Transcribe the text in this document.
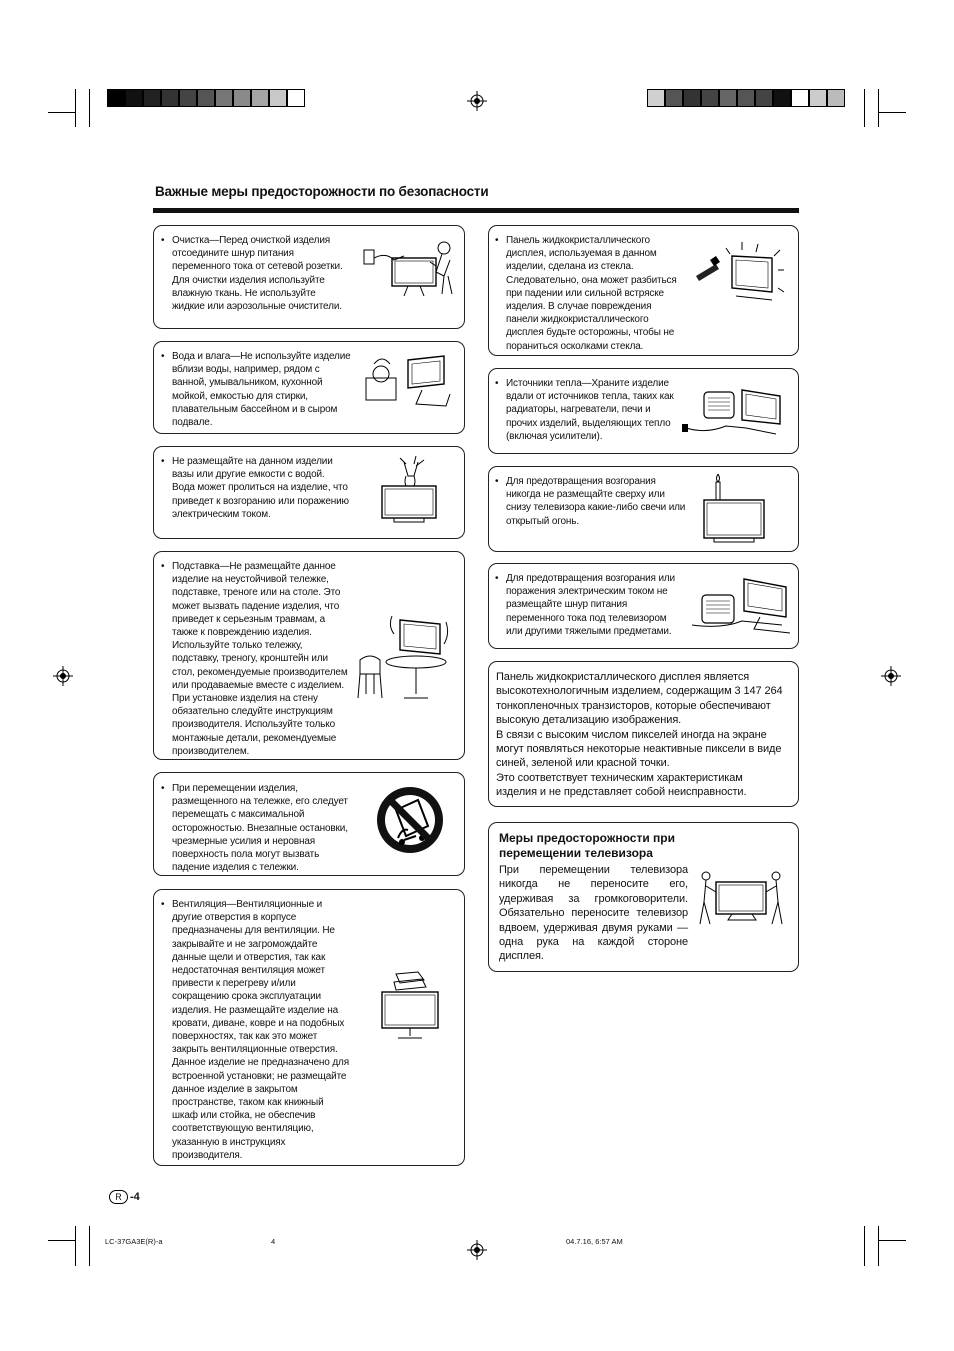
Важные меры предосторожности по безопасности
• Очистка—Перед очисткой изделия
отсоедините шнур питания
переменного тока от сетевой розетки.
Для очистки изделия используйте
влажную ткань. Не используйте
жидкие или аэрозольные очистители.
• Вода и влага—Не используйте изделие
вблизи воды, например, рядом с
ванной, умывальником, кухонной
мойкой, емкостью для стирки,
плавательным бассейном и в сыром
подвале.
• Не размещайте на данном изделии
вазы или другие емкости с водой.
Вода может пролиться на изделие, что
приведет к возгоранию или поражению
электрическим током.
• Подставка—Не размещайте данное
изделие на неустойчивой тележке,
подставке, треноге или на столе. Это
может вызвать падение изделия, что
приведет к серьезным травмам, а
также к повреждению изделия.
Используйте только тележку,
подставку, треногу, кронштейн или
стол, рекомендуемые производителем
или продаваемые вместе с изделием.
При установке изделия на стену
обязательно следуйте инструкциям
производителя. Используйте только
монтажные детали, рекомендуемые
производителем.
• При перемещении изделия,
размещенного на тележке, его следует
перемещать с максимальной
осторожностью. Внезапные остановки,
чрезмерные усилия и неровная
поверхность пола могут вызвать
падение изделия с тележки.
• Вентиляция—Вентиляционные и
другие отверстия в корпусе
предназначены для вентиляции. Не
закрывайте и не загромождайте
данные щели и отверстия, так как
недостаточная вентиляция может
привести к перегреву и/или
сокращению срока эксплуатации
изделия. Не размещайте изделие на
кровати, диване, ковре и на подобных
поверхностях, так как это может
закрыть вентиляционные отверстия.
Данное изделие не предназначено для
встроенной установки; не размещайте
данное изделие в закрытом
пространстве, таком как книжный
шкаф или стойка, не обеспечив
соответствующую вентиляцию,
указанную в инструкциях
производителя.
• Панель жидкокристаллического
дисплея, используемая в данном
изделии, сделана из стекла.
Следовательно, она может разбиться
при падении или сильной встряске
изделия. В случае повреждения
панели жидкокристаллического
дисплея будьте осторожны, чтобы не
пораниться осколками стекла.
• Источники тепла—Храните изделие
вдали от источников тепла, таких как
радиаторы, нагреватели, печи и
прочих изделий, выделяющих тепло
(включая усилители).
• Для предотвращения возгорания
никогда не размещайте сверху или
снизу телевизора какие-либо свечи или
открытый огонь.
• Для предотвращения возгорания или
поражения электрическим током не
размещайте шнур питания
переменного тока под телевизором
или другими тяжелыми предметами.
Панель жидкокристаллического дисплея является
высокотехнологичным изделием, содержащим 3 147 264
тонкопленочных транзисторов, которые обеспечивают
высокую детализацию изображения.
В связи с высоким числом пикселей иногда на экране
могут появляться некоторые неактивные пиксели в виде
синей, зеленой или красной точки.
Это соответствует техническим характеристикам
изделия и не представляет собой неисправности.
Меры предосторожности при
перемещении телевизора
При перемещении телевизора
никогда не переносите его,
удерживая за громкоговорители.
Обязательно переносите телевизор
вдвоем, удерживая двумя руками —
одна рука на каждой стороне
дисплея.
R -4
LC-37GA3E(R)-a	4	04.7.16, 6:57 AM
